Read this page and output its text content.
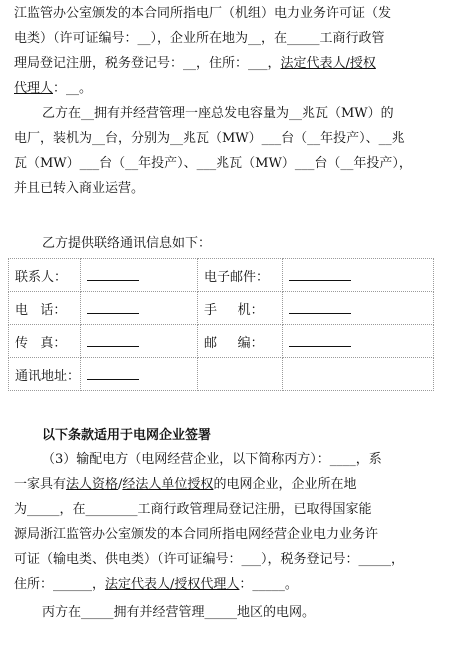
江监管办公室颁发的本合同所指电厂（机组）电力业务许可证（发
电类）（许可证编号：__），企业所在地为__，在_____工商行政管
理局登记注册，税务登记号：__，住所：___，法定代表人/授权
代理人：__。
乙方在__拥有并经营管理一座总发电容量为__兆瓦（MW）的
电厂，装机为__台，分别为__兆瓦（MW）___台（__年投产）、__兆
瓦（MW）___台（__年投产）、___兆瓦（MW）___台（__年投产），
并且已转入商业运营。
乙方提供联络通讯信息如下：
联系人：		电子邮件：	
电   话：		手     机：	
传   真：		邮     编：	
通讯地址：			
以下条款适用于电网企业签署
（3）输配电方（电网经营企业，以下简称丙方）：____，系
一家具有法人资格/经法人单位授权的电网企业，企业所在地
为_____，在________工商行政管理局登记注册，已取得国家能
源局浙江监管办公室颁发的本合同所指电网经营企业电力业务许
可证（输电类、供电类）（许可证编号：___），税务登记号：_____，
住所：______，法定代表人/授权代理人：_____。
丙方在_____拥有并经营管理_____地区的电网。
